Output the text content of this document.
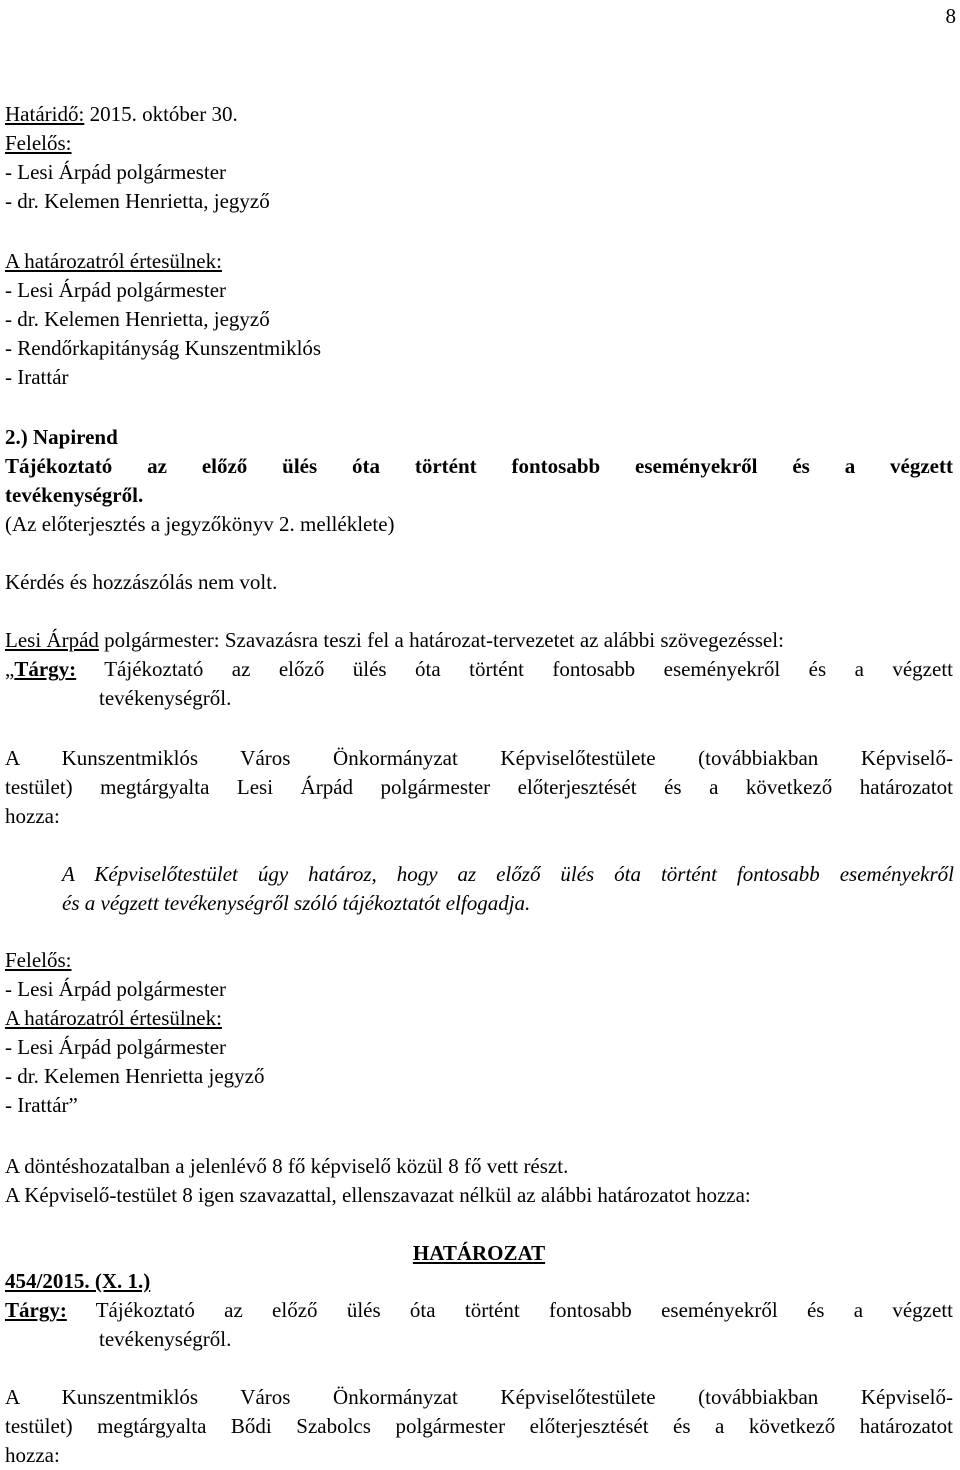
8
Határidő: 2015. október 30.
Felelős:
- Lesi Árpád polgármester
- dr. Kelemen Henrietta, jegyző
A határozatról értesülnek:
- Lesi Árpád polgármester
- dr. Kelemen Henrietta, jegyző
- Rendőrkapitányság Kunszentmiklós
- Irattár
2.) Napirend
Tájékoztató az előző ülés óta történt fontosabb eseményekről és a végzett
tevékenységről.
(Az előterjesztés a jegyzőkönyv 2. melléklete)
Kérdés és hozzászólás nem volt.
Lesi Árpád polgármester: Szavazásra teszi fel a határozat-tervezetet az alábbi szövegezéssel:
„Tárgy: Tájékoztató az előző ülés óta történt fontosabb eseményekről és a végzett
tevékenységről.
A Kunszentmiklós Város Önkormányzat Képviselőtestülete (továbbiakban Képviselő-
testület) megtárgyalta Lesi Árpád polgármester előterjesztését és a következő határozatot
hozza:
A Képviselőtestület úgy határoz, hogy az előző ülés óta történt fontosabb eseményekről
és a végzett tevékenységről szóló tájékoztatót elfogadja.
Felelős:
- Lesi Árpád polgármester
A határozatról értesülnek:
- Lesi Árpád polgármester
- dr. Kelemen Henrietta jegyző
- Irattár”
A döntéshozatalban a jelenlévő 8 fő képviselő közül 8 fő vett részt.
A Képviselő-testület 8 igen szavazattal, ellenszavazat nélkül az alábbi határozatot hozza:
HATÁROZAT
454/2015. (X. 1.)
Tárgy: Tájékoztató az előző ülés óta történt fontosabb eseményekről és a végzett
tevékenységről.
A Kunszentmiklós Város Önkormányzat Képviselőtestülete (továbbiakban Képviselő-
testület) megtárgyalta Bődi Szabolcs polgármester előterjesztését és a következő határozatot
hozza:
